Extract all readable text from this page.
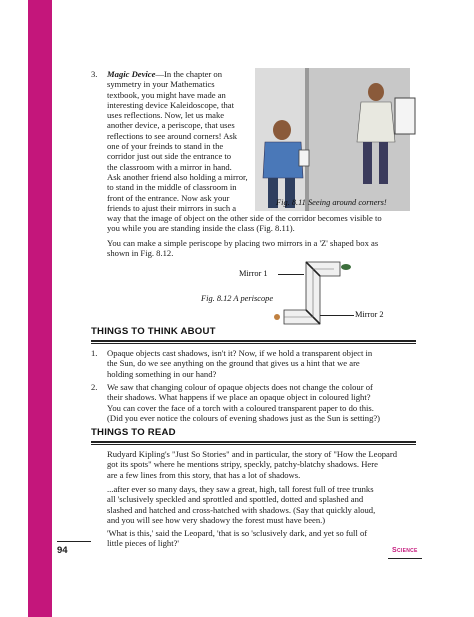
3. Magic Device—In the chapter on

symmetry in your Mathematics

textbook, you might have made an

interesting device Kaleidoscope, that

uses reflections. Now, let us make

another device, a periscope, that uses

reflections to see around corners! Ask

one of your freinds to stand in the

corridor just out side the entrance to

the classroom with a mirror in hand.

Ask another friend also holding a mirror,

to stand in the middle of classroom in

front of the entrance. Now ask your

friends to ajust their mirrors in such a

way that the image of object on the other side of the corridor becomes visible to

you while you are standing inside the class (Fig. 8.11).

Fig. 8.11 Seeing around corners!

You can make a simple periscope by placing two mirrors in a 'Z' shaped box as

shown in Fig. 8.12.

Mirror 1
Mirror 2
Fig. 8.12 A periscope
THINGS TO THINK ABOUT
1. Opaque objects cast shadows, isn't it? Now, if we hold a transparent object in

the Sun, do we see anything on the ground that gives us a hint that we are

holding something in our hand?

2. We saw that changing colour of opaque objects does not change the colour of

their shadows. What happens if we place an opaque object in coloured light?

You can cover the face of a torch with a coloured transparent paper to do this.

(Did you ever notice the colours of evening shadows just as the Sun is setting?)

THINGS TO READ

Rudyard Kipling's "Just So Stories" and in particular, the story of "How the Leopard

got its spots" where he mentions stripy, speckly, patchy-blatchy shadows. Here

are a few lines from this story, that has a lot of shadows.

...after ever so many days, they saw a great, high, tall forest full of tree trunks

all 'sclusively speckled and sprottled and spottled, dotted and splashed and

slashed and hatched and cross-hatched with shadows. (Say that quickly aloud,

and you will see how very shadowy the forest must have been.)

'What is this,' said the Leopard, 'that is so 'sclusively dark, and yet so full of

little pieces of light?'

94	Science
